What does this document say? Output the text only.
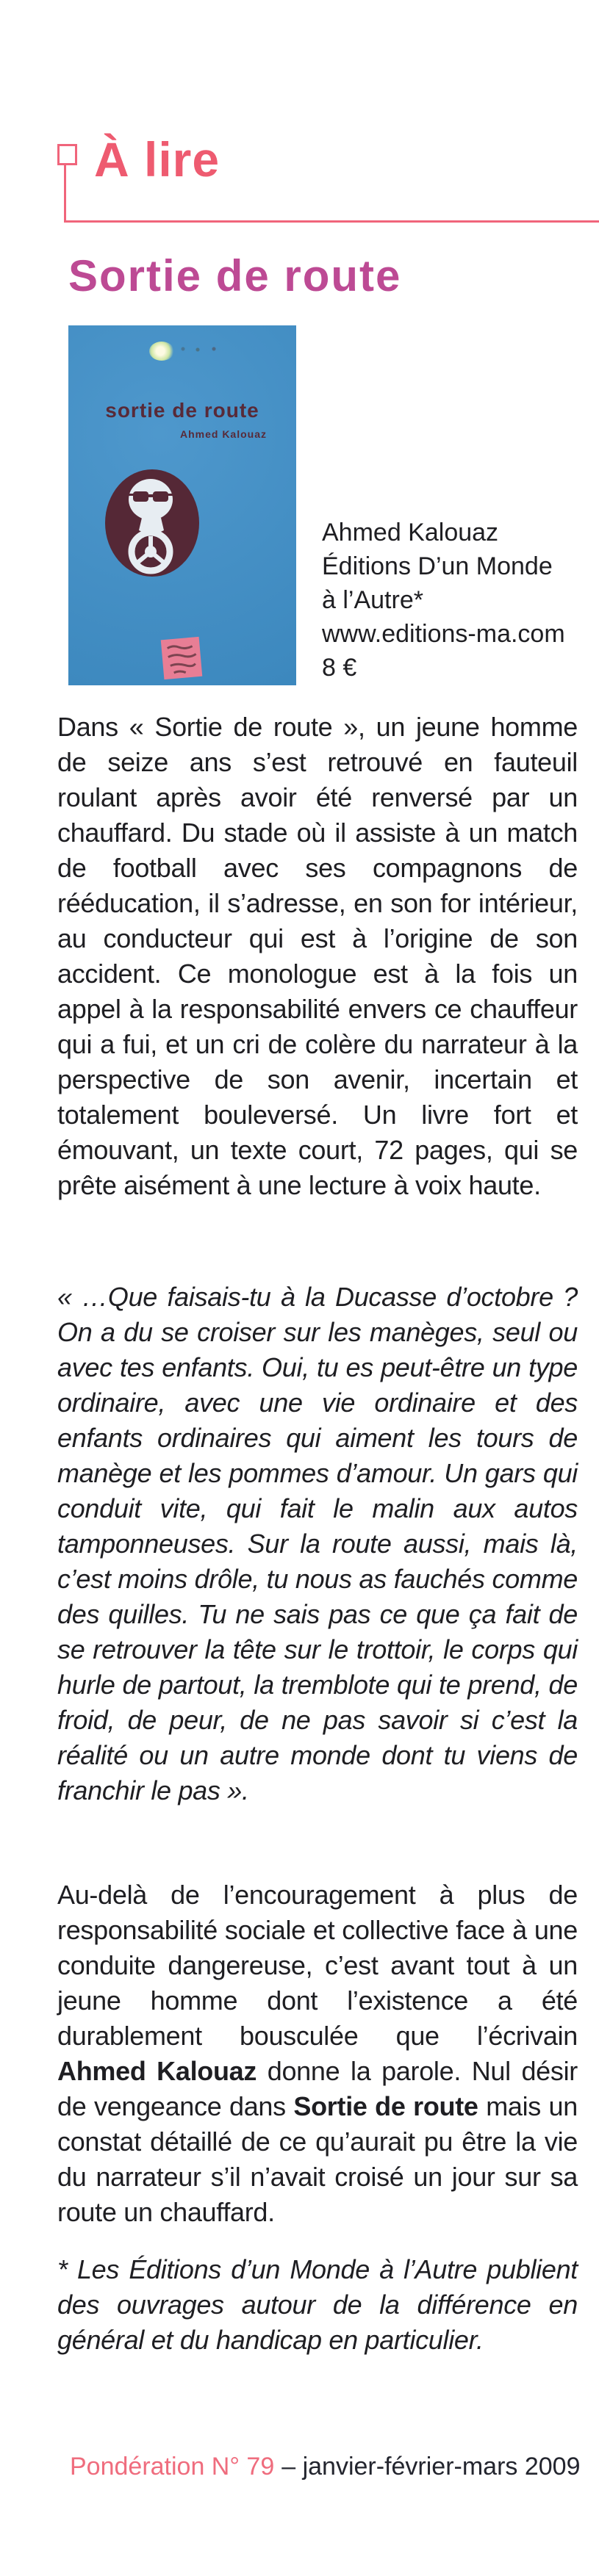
À lire
Sortie de route
sortie de route
Ahmed Kalouaz
Ahmed Kalouaz
Éditions D’un Monde
à l’Autre*
www.editions-ma.com
8 €

Dans « Sortie de route », un jeune homme de seize ans s’est retrouvé en fauteuil roulant après avoir été renversé par un chauffard. Du stade où il assiste à un match de football avec ses compagnons de rééducation, il s’adresse, en son for intérieur, au conducteur qui est à l’origine de son accident. Ce monologue est à la fois un appel à la responsabilité envers ce chauffeur qui a fui, et un cri de colère du narrateur à la perspective de son avenir, incertain et totalement bouleversé. Un livre fort et émouvant, un texte court, 72 pages, qui se prête aisément à une lecture à voix haute.

« …Que faisais-tu à la Ducasse d’octobre ? On a du se croiser sur les manèges, seul ou avec tes enfants. Oui, tu es peut-être un type ordinaire, avec une vie ordinaire et des enfants ordinaires qui aiment les tours de manège et les pommes d’amour. Un gars qui conduit vite, qui fait le malin aux autos tamponneuses. Sur la route aussi, mais là, c’est moins drôle, tu nous as fauchés comme des quilles. Tu ne sais pas ce que ça fait de se retrouver la tête sur le trottoir, le corps qui hurle de partout, la tremblote qui te prend, de froid, de peur, de ne pas savoir si c’est la réalité ou un autre monde dont tu viens de franchir le pas ».

Au-delà de l’encouragement à plus de responsabilité sociale et collective face à une conduite dangereuse, c’est avant tout à un jeune homme dont l’existence a été durablement bousculée que l’écrivain Ahmed Kalouaz donne la parole. Nul désir de vengeance dans Sortie de route mais un constat détaillé de ce qu’aurait pu être la vie du narrateur s’il n’avait croisé un jour sur sa route un chauffard.

* Les Éditions d’un Monde à l’Autre publient des ouvrages autour de la différence en général et du handicap en particulier.

Pondération N° 79 – janvier-février-mars 2009
